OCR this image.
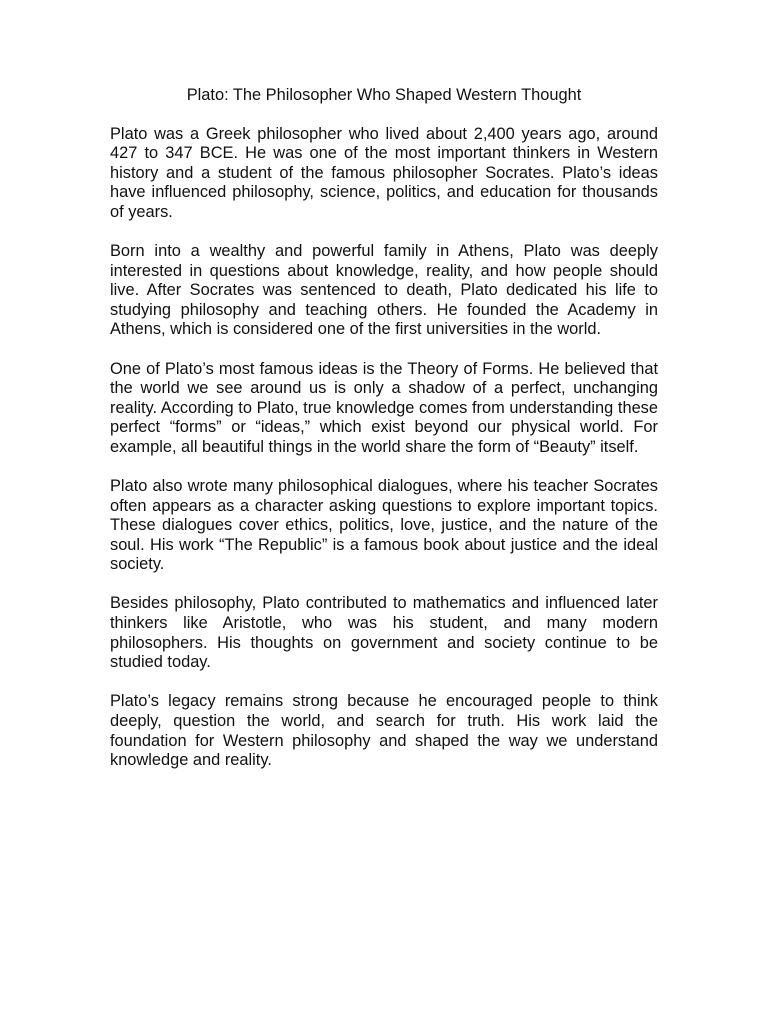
Plato: The Philosopher Who Shaped Western Thought

Plato was a Greek philosopher who lived about 2,400 years ago, around 427 to 347 BCE. He was one of the most important thinkers in Western history and a student of the famous philosopher Socrates. Plato’s ideas have influenced philosophy, science, politics, and education for thousands of years.

Born into a wealthy and powerful family in Athens, Plato was deeply interested in questions about knowledge, reality, and how people should live. After Socrates was sentenced to death, Plato dedicated his life to studying philosophy and teaching others. He founded the Academy in Athens, which is considered one of the first universities in the world.

One of Plato’s most famous ideas is the Theory of Forms. He believed that the world we see around us is only a shadow of a perfect, unchanging reality. According to Plato, true knowledge comes from understanding these perfect “forms” or “ideas,” which exist beyond our physical world. For example, all beautiful things in the world share the form of “Beauty” itself.

Plato also wrote many philosophical dialogues, where his teacher Socrates often appears as a character asking questions to explore important topics. These dialogues cover ethics, politics, love, justice, and the nature of the soul. His work “The Republic” is a famous book about justice and the ideal society.

Besides philosophy, Plato contributed to mathematics and influenced later thinkers like Aristotle, who was his student, and many modern philosophers. His thoughts on government and society continue to be studied today.

Plato’s legacy remains strong because he encouraged people to think deeply, question the world, and search for truth. His work laid the foundation for Western philosophy and shaped the way we understand knowledge and reality.
